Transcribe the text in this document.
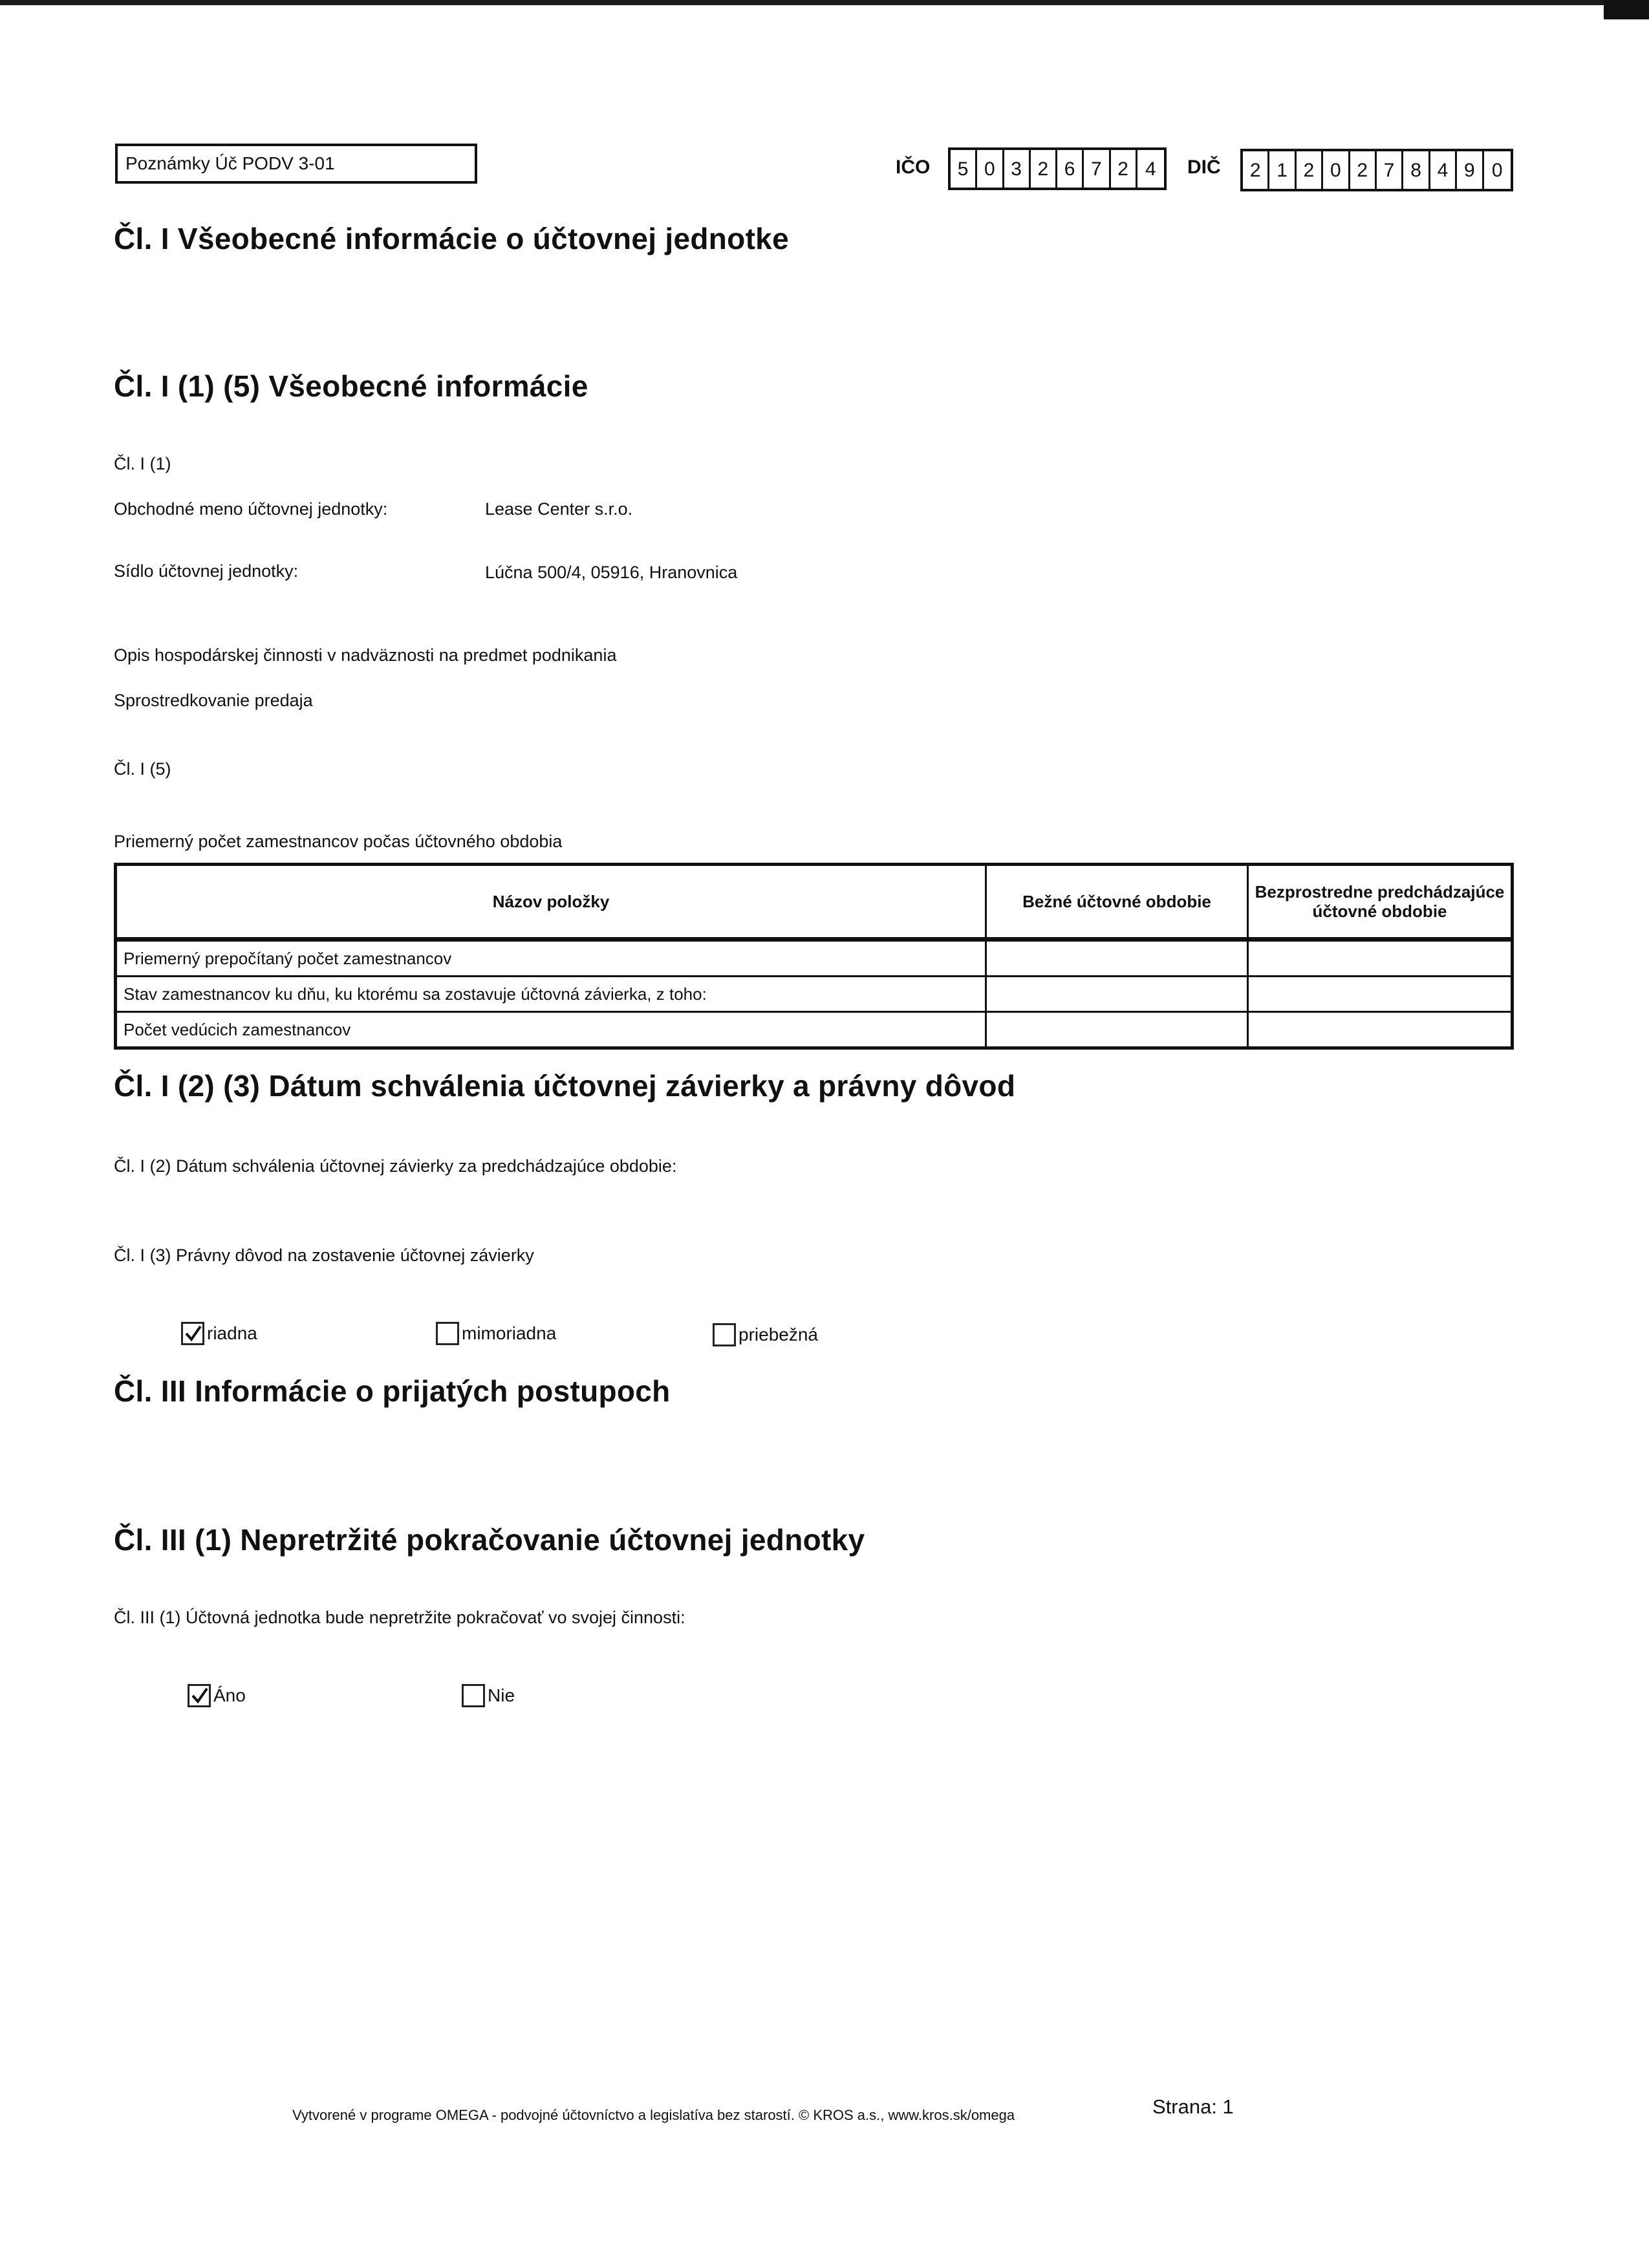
Poznámky Úč PODV 3-01	IČO	5 0 3 2 6 7 2 4	DIČ	2 1 2 0 2 7 8 4 9 0
Čl. I Všeobecné informácie o účtovnej jednotke
Čl. I (1) (5) Všeobecné informácie
Čl. I (1)
Obchodné meno účtovnej jednotky:	Lease Center s.r.o.
Sídlo účtovnej jednotky:	Lúčna 500/4, 05916, Hranovnica
Opis hospodárskej činnosti v nadväznosti na predmet podnikania
Sprostredkovanie predaja
Čl. I (5)
Priemerný počet zamestnancov počas účtovného obdobia
Názov položky	Bežné účtovné obdobie	Bezprostredne predchádzajúce účtovné obdobie
Priemerný prepočítaný počet zamestnancov		
Stav zamestnancov ku dňu, ku ktorému sa zostavuje účtovná závierka, z toho:		
Počet vedúcich zamestnancov		
Čl. I (2) (3) Dátum schválenia účtovnej závierky a právny dôvod
Čl. I (2) Dátum schválenia účtovnej závierky za predchádzajúce obdobie:
Čl. I (3) Právny dôvod na zostavenie účtovnej závierky
riadna	mimoriadna	priebežná
Čl. III Informácie o prijatých postupoch
Čl. III (1) Nepretržité pokračovanie účtovnej jednotky
Čl. III (1) Účtovná jednotka bude nepretržite pokračovať vo svojej činnosti:
Áno	Nie
Vytvorené v programe OMEGA - podvojné účtovníctvo a legislatíva bez starostí. © KROS a.s., www.kros.sk/omega	Strana: 1
